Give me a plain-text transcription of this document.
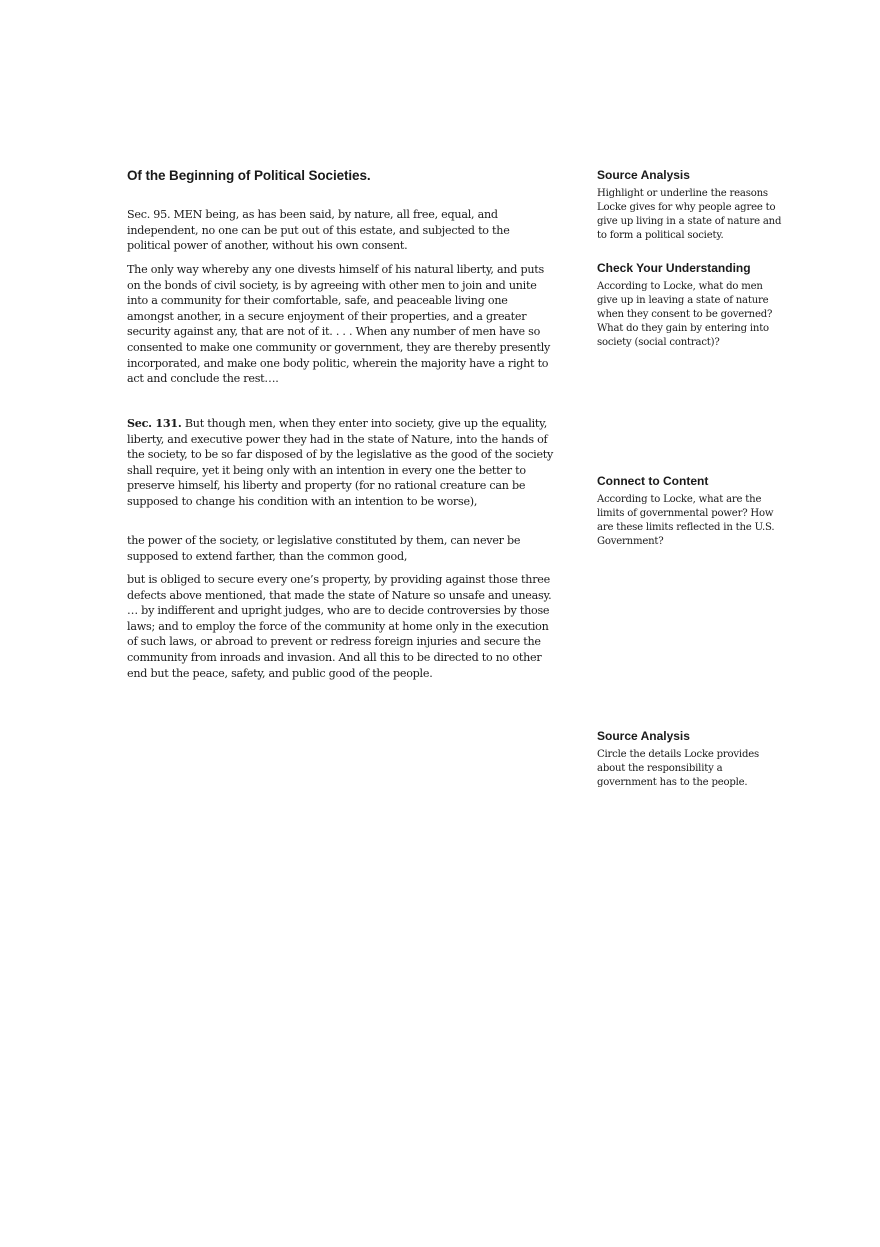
Of the Beginning of Political Societies.

Sec. 95. MEN being, as has been said, by nature, all free, equal, and independent, no one can be put out of this estate, and subjected to the political power of another, without his own consent.

The only way whereby any one divests himself of his natural liberty, and puts on the bonds of civil society, is by agreeing with other men to join and unite into a community for their comfortable, safe, and peaceable living one amongst another, in a secure enjoyment of their properties, and a greater security against any, that are not of it. . . . When any number of men have so consented to make one community or government, they are thereby presently incorporated, and make one body politic, wherein the majority have a right to act and conclude the rest….

Sec. 131. But though men, when they enter into society, give up the equality, liberty, and executive power they had in the state of Nature, into the hands of the society, to be so far disposed of by the legislative as the good of the society shall require, yet it being only with an intention in every one the better to preserve himself, his liberty and property (for no rational creature can be supposed to change his condition with an intention to be worse),

the power of the society, or legislative constituted by them, can never be supposed to extend farther, than the common good,

but is obliged to secure every one’s property, by providing against those three defects above mentioned, that made the state of Nature so unsafe and uneasy. … by indifferent and upright judges, who are to decide controversies by those laws; and to employ the force of the community at home only in the execution of such laws, or abroad to prevent or redress foreign injuries and secure the community from inroads and invasion. And all this to be directed to no other end but the peace, safety, and public good of the people.

Source Analysis

Highlight or underline the reasons Locke gives for why people agree to give up living in a state of nature and to form a political society.

Check Your Understanding

According to Locke, what do men give up in leaving a state of nature when they consent to be governed? What do they gain by entering into society (social contract)?

Connect to Content

According to Locke, what are the limits of governmental power? How are these limits reflected in the U.S. Government?

Source Analysis

Circle the details Locke provides about the responsibility a government has to the people.
